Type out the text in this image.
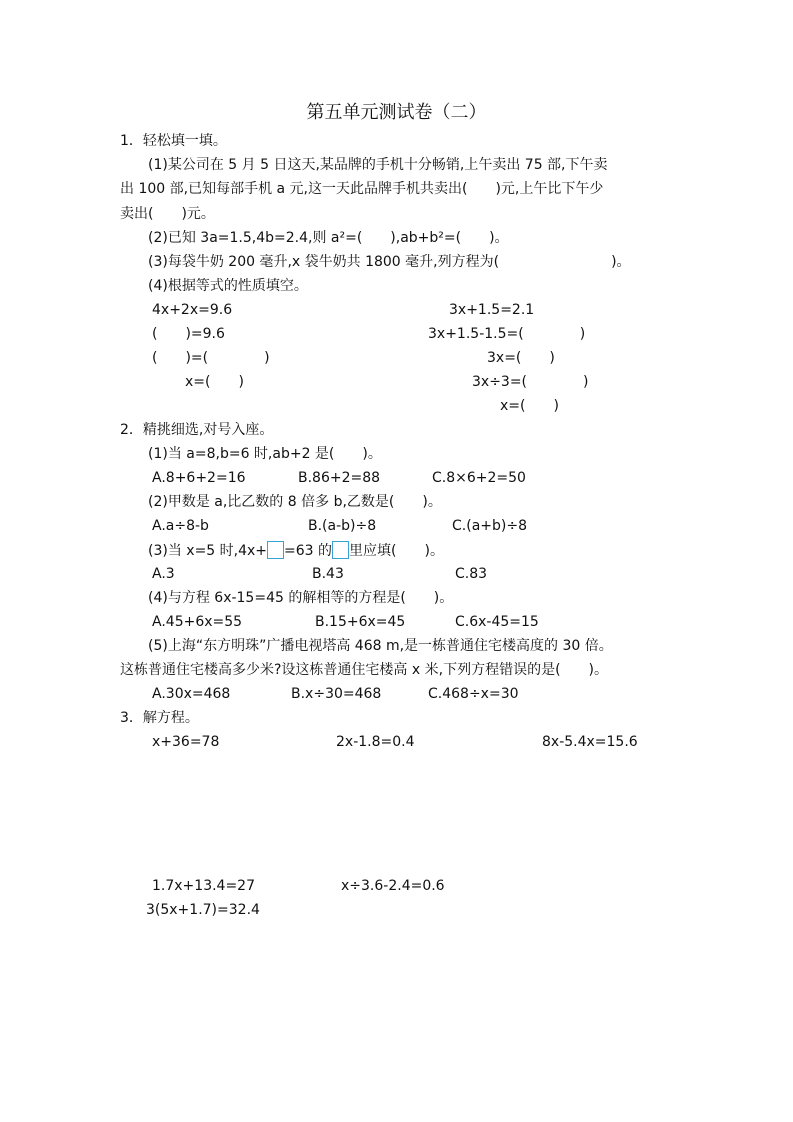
第五单元测试卷（二）
1．轻松填一填。
(1)某公司在 5 月 5 日这天,某品牌的手机十分畅销,上午卖出 75 部,下午卖
出 100 部,已知每部手机 a 元,这一天此品牌手机共卖出(　　)元,上午比下午少
卖出(　　)元。
(2)已知 3a=1.5,4b=2.4,则 a²=(　　),ab+b²=(　　)。
(3)每袋牛奶 200 毫升,x 袋牛奶共 1800 毫升,列方程为(　　　　　　　　)。
(4)根据等式的性质填空。
4x+2x=9.6
(　　)=9.6
(　　)=(　　　　)
x=(　　)
3x+1.5=2.1
3x+1.5-1.5=(　　　　)
3x=(　　)
3x÷3=(　　　　)
x=(　　)
2．精挑细选,对号入座。
(1)当 a=8,b=6 时,ab+2 是(　　)。
A.8+6+2=16	B.86+2=88	C.8×6+2=50
(2)甲数是 a,比乙数的 8 倍多 b,乙数是(　　)。
A.a÷8-b	B.(a-b)÷8	C.(a+b)÷8
(3)当 x=5 时,4x+ =63 的 里应填(　　)。
A.3	B.43	C.83
(4)与方程 6x-15=45 的解相等的方程是(　　)。
A.45+6x=55	B.15+6x=45	C.6x-45=15
(5)上海“东方明珠”广播电视塔高 468 m,是一栋普通住宅楼高度的 30 倍。
这栋普通住宅楼高多少米?设这栋普通住宅楼高 x 米,下列方程错误的是(　　)。
A.30x=468	B.x÷30=468	C.468÷x=30
3．解方程。
x+36=78	2x-1.8=0.4	8x-5.4x=15.6
1.7x+13.4=27	x÷3.6-2.4=0.6
3(5x+1.7)=32.4
